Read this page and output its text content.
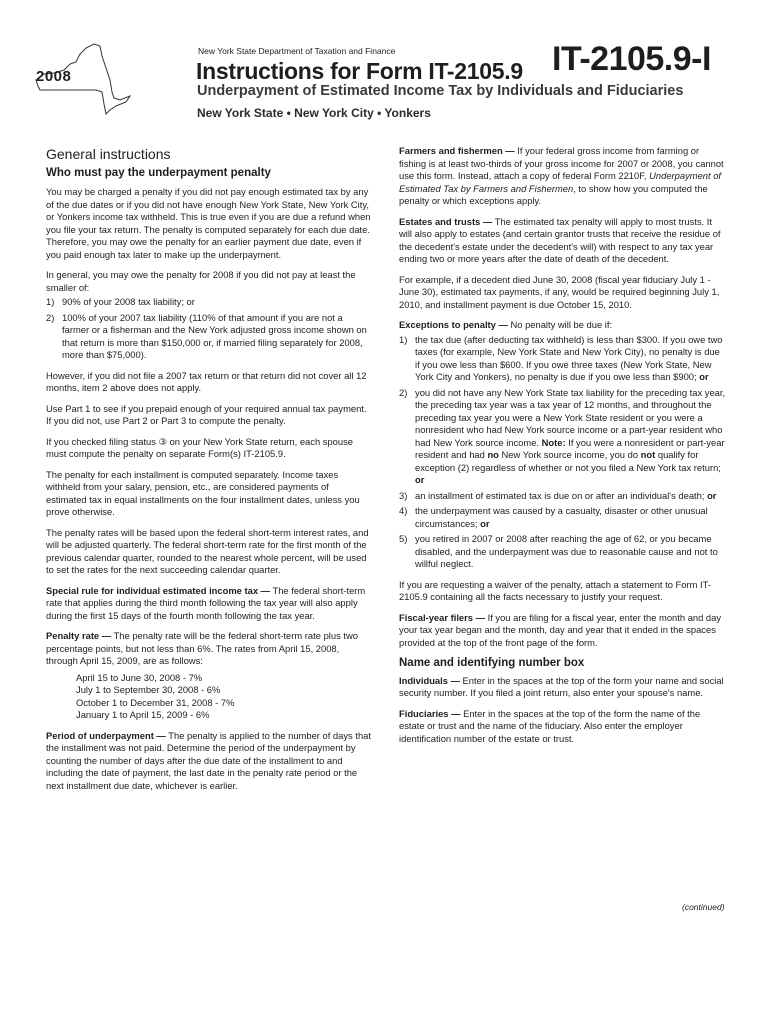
2008
New York State Department of Taxation and Finance
Instructions for Form IT-2105.9 IT-2105.9-I
Underpayment of Estimated Income Tax by Individuals and Fiduciaries
New York State • New York City • Yonkers
General instructions
Who must pay the underpayment penalty

You may be charged a penalty if you did not pay enough estimated tax by any of the due dates or if you did not have enough New York State, New York City, or Yonkers income tax withheld. This is true even if you are due a refund when you file your tax return. The penalty is computed separately for each due date. Therefore, you may owe the penalty for an earlier payment due date, even if you paid enough tax later to make up the underpayment.

In general, you may owe the penalty for 2008 if you did not pay at least the smaller of:

1) 90% of your 2008 tax liability; or
2) 100% of your 2007 tax liability (110% of that amount if you are not a farmer or a fisherman and the New York adjusted gross income shown on that return is more than $150,000 or, if married filing separately for 2008, more than $75,000).

However, if you did not file a 2007 tax return or that return did not cover all 12 months, item 2 above does not apply.

Use Part 1 to see if you prepaid enough of your required annual tax payment. If you did not, use Part 2 or Part 3 to compute the penalty.

If you checked filing status ③ on your New York State return, each spouse must compute the penalty on separate Form(s) IT-2105.9.

The penalty for each installment is computed separately. Income taxes withheld from your salary, pension, etc., are considered payments of estimated tax in equal installments on the four installment dates, unless you prove otherwise.

The penalty rates will be based upon the federal short-term interest rates, and will be adjusted quarterly. The federal short-term rate for the first month of the previous calendar quarter, rounded to the nearest whole percent, will be used to set the rates for the next succeeding calendar quarter.

Special rule for individual estimated income tax — The federal short-term rate that applies during the third month following the tax year will also apply during the first 15 days of the fourth month following the tax year.

Penalty rate — The penalty rate will be the federal short-term rate plus two percentage points, but not less than 6%. The rates from April 15, 2008, through April 15, 2009, are as follows:

April 15 to June 30, 2008 - 7%
July 1 to September 30, 2008 - 6%
October 1 to December 31, 2008 - 7%
January 1 to April 15, 2009 - 6%

Period of underpayment — The penalty is applied to the number of days that the installment was not paid. Determine the period of the underpayment by counting the number of days after the due date of the installment to and including the date of payment, the last date in the penalty rate period or the next installment due date, whichever is earlier.

Farmers and fishermen — If your federal gross income from farming or fishing is at least two-thirds of your gross income for 2007 or 2008, you cannot use this form. Instead, attach a copy of federal Form 2210F, Underpayment of Estimated Tax by Farmers and Fishermen, to show how you computed the penalty or which exceptions apply.

Estates and trusts — The estimated tax penalty will apply to most trusts. It will also apply to estates (and certain grantor trusts that receive the residue of the decedent's estate under the decedent's will) with respect to any tax year ending two or more years after the date of death of the decedent.

For example, if a decedent died June 30, 2008 (fiscal year fiduciary July 1 - June 30), estimated tax payments, if any, would be required beginning July 1, 2010, and installment payment is due October 15, 2010.

Exceptions to penalty — No penalty will be due if:

1) the tax due (after deducting tax withheld) is less than $300. If you owe two taxes (for example, New York State and New York City), no penalty is due if you owe less than $600. If you owe three taxes (New York State, New York City and Yonkers), no penalty is due if you owe less than $900; or
2) you did not have any New York State tax liability for the preceding tax year, the preceding tax year was a tax year of 12 months, and throughout the preceding tax year you were a New York State resident or you were a nonresident who had New York source income or a part-year resident who had New York source income. Note: If you were a nonresident or part-year resident and had no New York source income, you do not qualify for exception (2) regardless of whether or not you filed a New York tax return; or
3) an installment of estimated tax is due on or after an individual's death; or
4) the underpayment was caused by a casualty, disaster or other unusual circumstances; or
5) you retired in 2007 or 2008 after reaching the age of 62, or you became disabled, and the underpayment was due to reasonable cause and not to willful neglect.

If you are requesting a waiver of the penalty, attach a statement to Form IT-2105.9 containing all the facts necessary to justify your request.

Fiscal-year filers — If you are filing for a fiscal year, enter the month and day your tax year began and the month, day and year that it ended in the spaces provided at the top of the front page of the form.

Name and identifying number box

Individuals — Enter in the spaces at the top of the form your name and social security number. If you filed a joint return, also enter your spouse's name.

Fiduciaries — Enter in the spaces at the top of the form the name of the estate or trust and the name of the fiduciary. Also enter the employer identification number of the estate or trust.

(continued)
